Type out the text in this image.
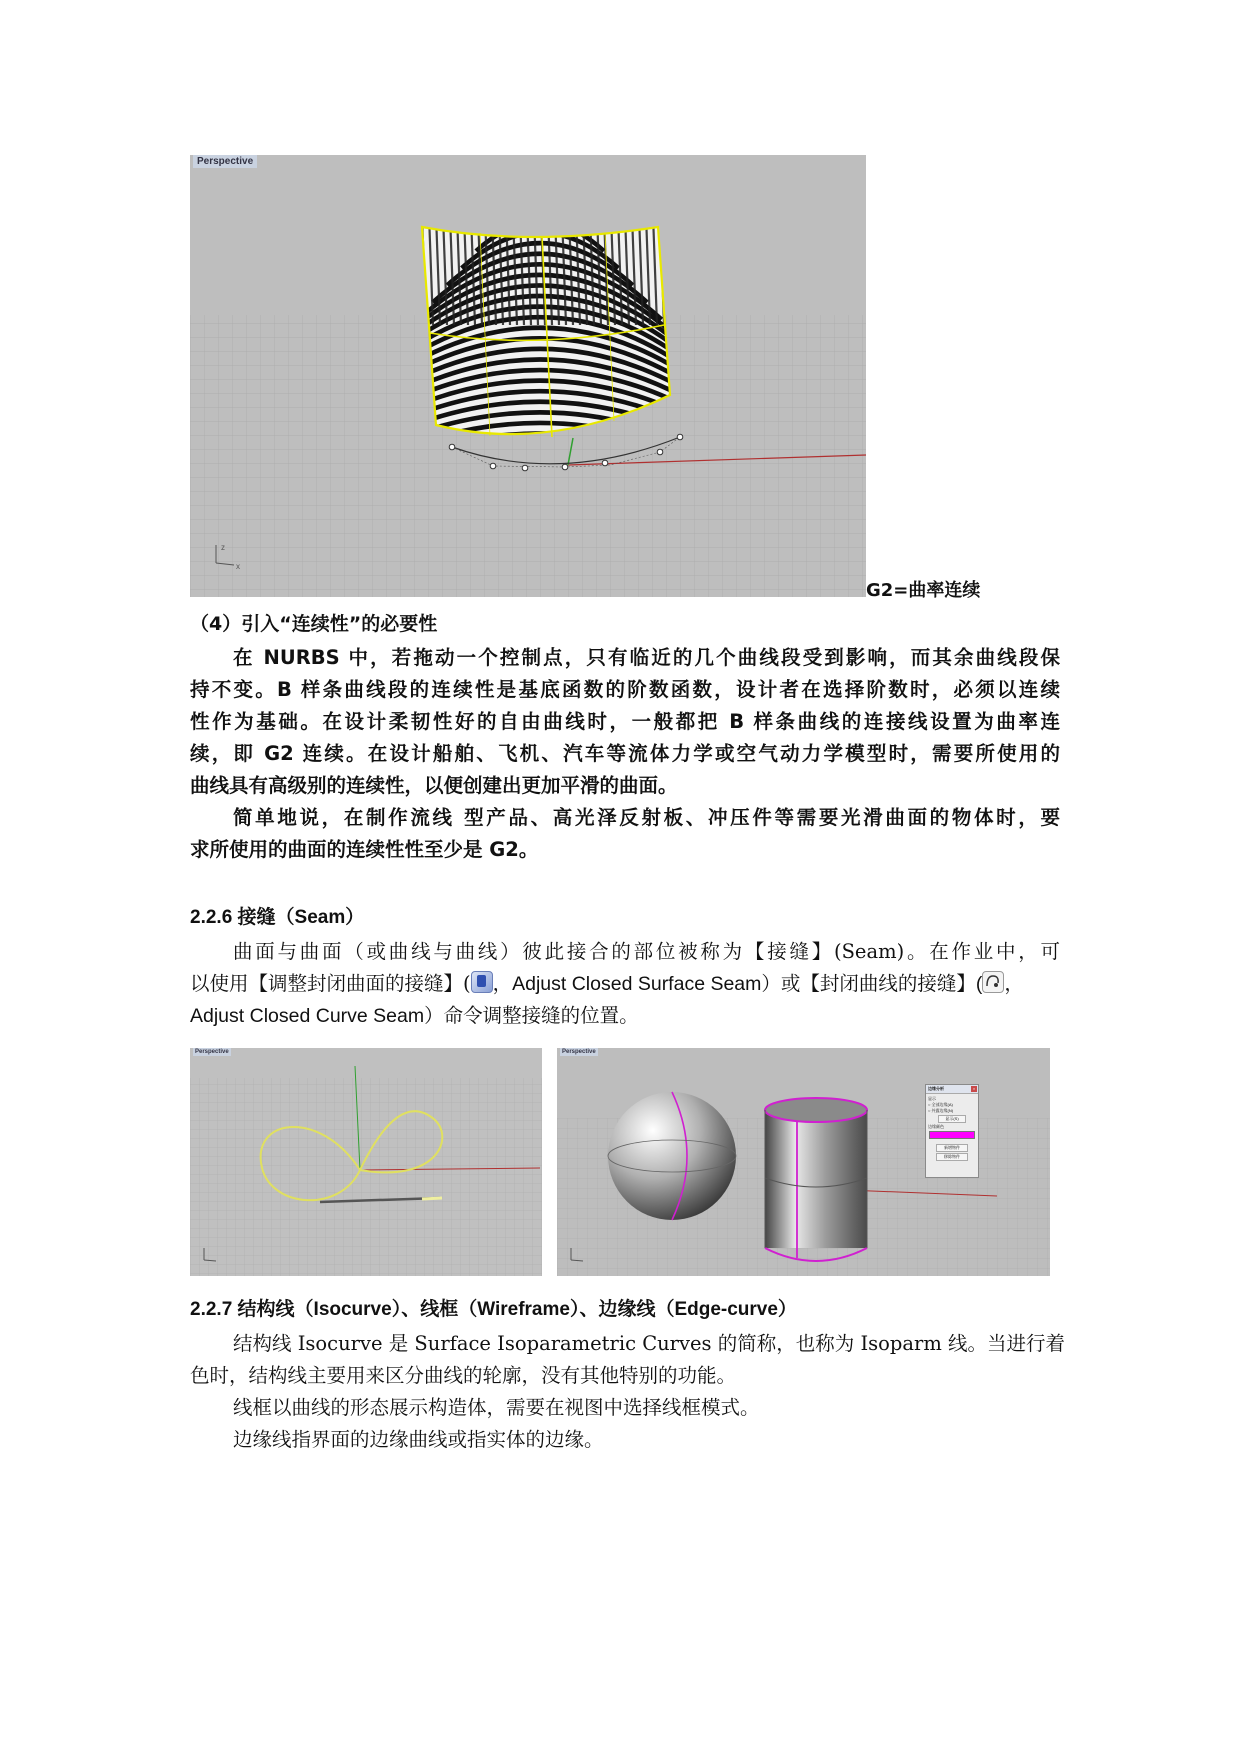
z
x
Perspective
G2=曲率连续
（4）引入“连续性”的必要性
在 NURBS 中，若拖动一个控制点，只有临近的几个曲线段受到影响，而其余曲线段保
持不变。B 样条曲线段的连续性是基底函数的阶数函数，设计者在选择阶数时，必须以连续
性作为基础。在设计柔韧性好的自由曲线时，一般都把 B 样条曲线的连接线设置为曲率连
续，即 G2 连续。在设计船舶、飞机、汽车等流体力学或空气动力学模型时，需要所使用的
曲线具有高级别的连续性，以便创建出更加平滑的曲面。
简单地说，在制作流线 型产品、高光泽反射板、冲压件等需要光滑曲面的物体时，要
求所使用的曲面的连续性性至少是 G2。
2.2.6 接缝（Seam）
曲面与曲面（或曲线与曲线）彼此接合的部位被称为【接缝】(Seam)。在作业中，可
以使用【调整封闭曲面的接缝】( ，Adjust Closed Surface Seam）或【封闭曲线的接缝】( ，
Adjust Closed Curve Seam）命令调整接缝的位置。
Perspective	Perspective
边缘分析	×
显示
○ 全部边缘(A)
○ 外露边缘(N)
显示(S)
边缘颜色
新增物件
移除物件
2.2.7 结构线（Isocurve）、线框（Wireframe）、边缘线（Edge-curve）
结构线 Isocurve 是 Surface Isoparametric Curves 的简称，也称为 Isoparm 线。当进行着
色时，结构线主要用来区分曲线的轮廓，没有其他特别的功能。
线框以曲线的形态展示构造体，需要在视图中选择线框模式。
边缘线指界面的边缘曲线或指实体的边缘。
